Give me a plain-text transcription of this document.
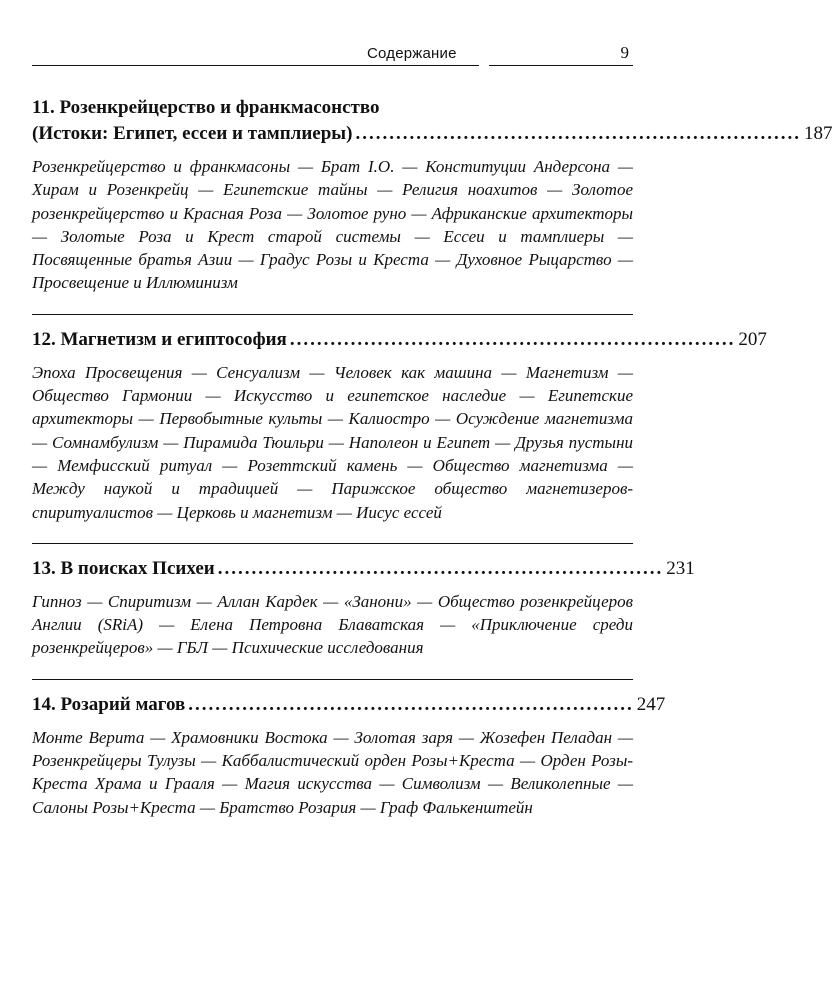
Содержание	9
11. Розенкрейцерство и франкмасонство
(Истоки: Египет, ессеи и тамплиеры) .................................................................. 187
Розенкрейцерство и франкмасоны — Брат I.O. — Конституции Андерсона — Хирам и Розенкрейц — Египетские тайны — Религия ноахитов — Золотое розенкрейцерство и Красная Роза — Золотое руно — Африканские архитекторы — Золотые Роза и Крест старой системы — Ессеи и тамплиеры — Посвященные братья Азии — Градус Розы и Креста — Духовное Рыцарство — Просвещение и Иллюминизм
12. Магнетизм и египтософия .................................................................. 207
Эпоха Просвещения — Сенсуализм — Человек как машина — Магнетизм — Общество Гармонии — Искусство и египетское наследие — Египетские архитекторы — Первобытные культы — Калиостро — Осуждение магнетизма — Сомнамбулизм — Пирамида Тюильри — Наполеон и Египет — Друзья пустыни — Мемфисский ритуал — Розеттский камень — Общество магнетизма — Между наукой и традицией — Парижское общество магнетизеров-спиритуалистов — Церковь и магнетизм — Иисус ессей
13. В поисках Психеи .................................................................. 231
Гипноз — Спиритизм — Аллан Кардек — «Занони» — Общество розенкрейцеров Англии (SRiA) — Елена Петровна Блаватская — «Приключение среди розенкрейцеров» — ГБЛ — Психические исследования
14. Розарий магов .................................................................. 247
Монте Верита — Храмовники Востока — Золотая заря — Жозефен Пеладан — Розенкрейцеры Тулузы — Каббалистический орден Розы+Креста — Орден Розы-Креста Храма и Грааля — Магия искусства — Символизм — Великолепные — Салоны Розы+Креста — Братство Розария — Граф Фалькенштейн
